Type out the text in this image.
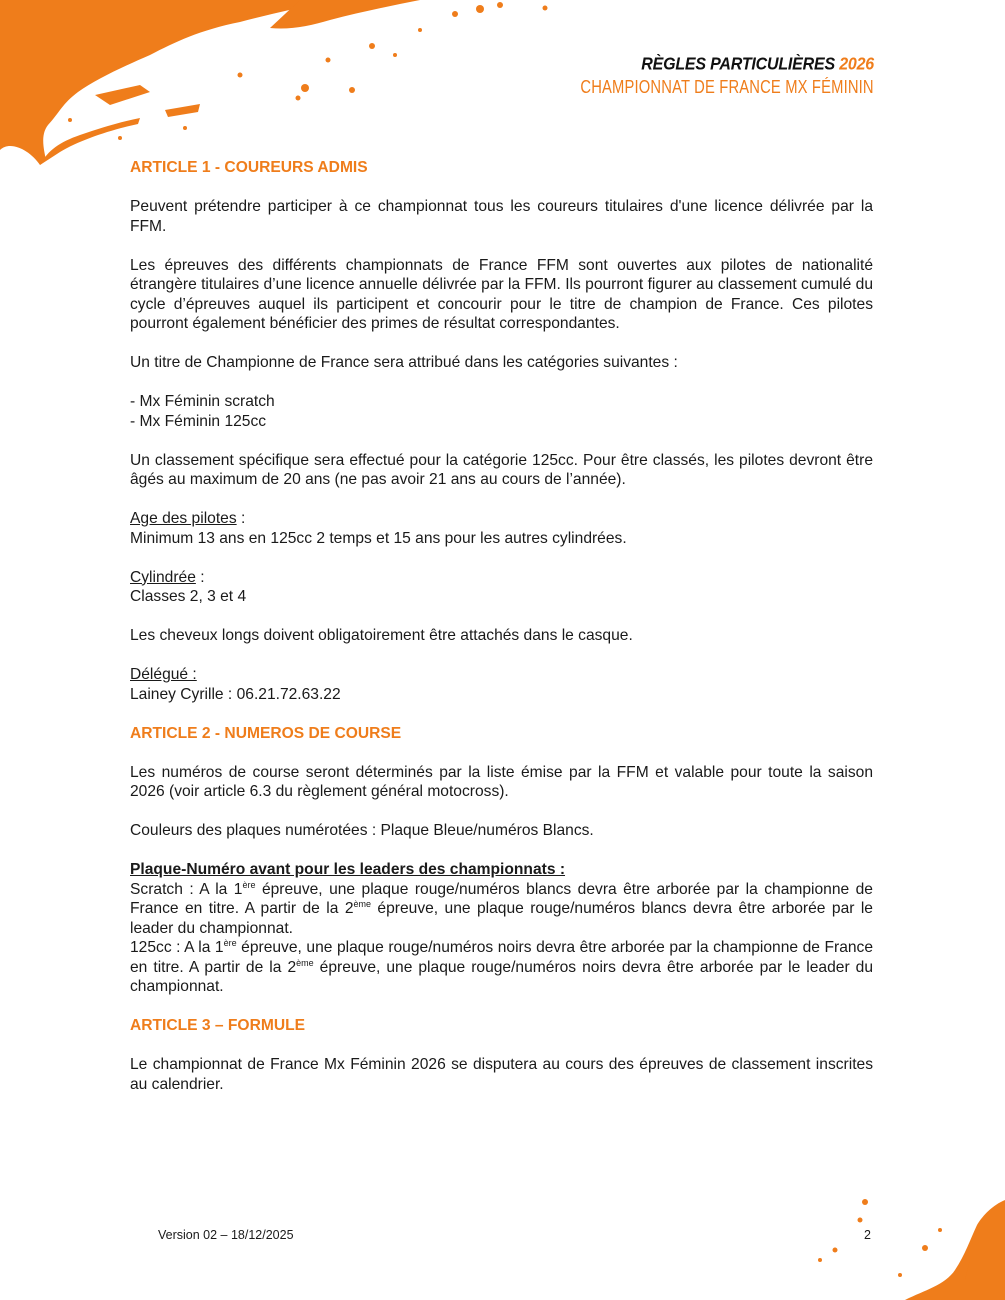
RÈGLES PARTICULIÈRES 2026
CHAMPIONNAT DE FRANCE MX FÉMININ
ARTICLE 1 - COUREURS ADMIS

Peuvent prétendre participer à ce championnat tous les coureurs titulaires d'une licence délivrée par la FFM.

Les épreuves des différents championnats de France FFM sont ouvertes aux pilotes de nationalité étrangère titulaires d’une licence annuelle délivrée par la FFM. Ils pourront figurer au classement cumulé du cycle d’épreuves auquel ils participent et concourir pour le titre de champion de France. Ces pilotes pourront également bénéficier des primes de résultat correspondantes.

Un titre de Championne de France sera attribué dans les catégories suivantes :

- Mx Féminin scratch

- Mx Féminin 125cc

Un classement spécifique sera effectué pour la catégorie 125cc. Pour être classés, les pilotes devront être âgés au maximum de 20 ans (ne pas avoir 21 ans au cours de l’année).

Age des pilotes :

Minimum 13 ans en 125cc 2 temps et 15 ans pour les autres cylindrées.

Cylindrée :

Classes 2, 3 et 4

Les cheveux longs doivent obligatoirement être attachés dans le casque.

Délégué :

Lainey Cyrille : 06.21.72.63.22

ARTICLE 2 - NUMEROS DE COURSE

Les numéros de course seront déterminés par la liste émise par la FFM et valable pour toute la saison 2026 (voir article 6.3 du règlement général motocross).

Couleurs des plaques numérotées : Plaque Bleue/numéros Blancs.

Plaque-Numéro avant pour les leaders des championnats :

Scratch : A la 1ère épreuve, une plaque rouge/numéros blancs devra être arborée par la championne de France en titre. A partir de la 2ème épreuve, une plaque rouge/numéros blancs devra être arborée par le leader du championnat.

125cc : A la 1ère épreuve, une plaque rouge/numéros noirs devra être arborée par la championne de France en titre. A partir de la 2ème épreuve, une plaque rouge/numéros noirs devra être arborée par le leader du championnat.

ARTICLE 3 – FORMULE

Le championnat de France Mx Féminin 2026 se disputera au cours des épreuves de classement inscrites au calendrier.

Version 02 – 18/12/2025	2
